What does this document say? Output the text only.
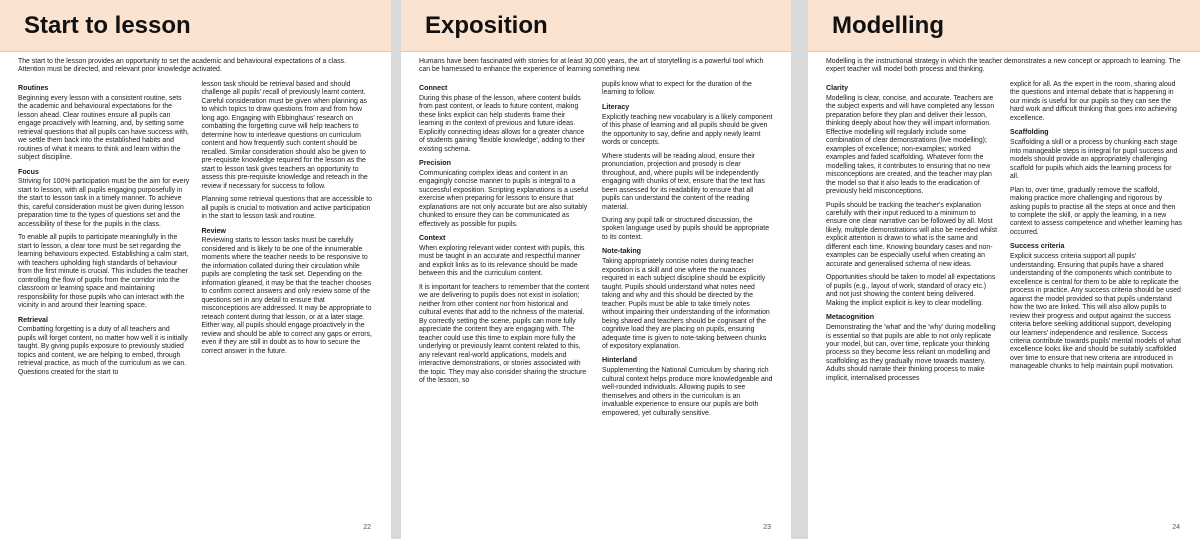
Start to lesson

The start to the lesson provides an opportunity to set the academic and behavioural expectations of a class. Attention must be directed, and relevant prior knowledge activated.

Routines

Beginning every lesson with a consistent routine, sets the academic and behavioural expectations for the lesson ahead. Clear routines ensure all pupils can engage proactively with learning, and, by setting some retrieval questions that all pupils can have success with, we settle them back into the established habits and routines of what it means to think and learn within the subject discipline.

Focus

Striving for 100% participation must be the aim for every start to lesson, with all pupils engaging purposefully in the start to lesson task in a timely manner. To achieve this, careful consideration must be given during lesson preparation time to the types of questions set and the accessibility of these for the pupils in the class.

To enable all pupils to participate meaningfully in the start to lesson, a clear tone must be set regarding the learning behaviours expected. Establishing a calm start, with teachers upholding high standards of behaviour from the first minute is crucial. This includes the teacher controlling the flow of pupils from the corridor into the classroom or learning space and maintaining responsibility for those pupils who can interact with the vicinity in and around their learning space.

Retrieval

Combatting forgetting is a duty of all teachers and pupils will forget content, no matter how well it is initially taught. By giving pupils exposure to previously studied topics and content, we are helping to embed, through retrieval practice, as much of the curriculum as we can. Questions created for the start to

lesson task should be retrieval based and should challenge all pupils' recall of previously learnt content. Careful consideration must be given when planning as to which topics to draw questions from and from how long ago. Engaging with Ebbinghaus' research on combatting the forgetting curve will help teachers to determine how to interleave questions on curriculum content and how frequently such content should be recalled. Similar consideration should also be given to pre-requisite knowledge required for the lesson as the start to lesson task gives teachers an opportunity to assess this pre-requisite knowledge and reteach in the review if necessary for success to follow.

Planning some retrieval questions that are accessible to all pupils is crucial to motivation and active participation in the start to lesson task and routine.

Review

Reviewing starts to lesson tasks must be carefully considered and is likely to be one of the innumerable moments where the teacher needs to be responsive to the information collated during their circulation while pupils are completing the task set. Depending on the information gleaned, it may be that the teacher chooses to confirm correct answers and only review some of the questions set in any detail to ensure that misconceptions are addressed. It may be appropriate to reteach content during that lesson, or at a later stage. Either way, all pupils should engage proactively in the review and should be able to correct any gaps or errors, even if they are still in doubt as to how to secure the correct answer in the future.

22
Exposition

Humans have been fascinated with stories for at least 30,000 years, the art of storytelling is a powerful tool which can be harnessed to enhance the experience of learning something new.

Connect

During this phase of the lesson, where content builds from past content, or leads to future content, making these links explicit can help students frame their learning in the context of previous and future ideas. Explicitly connecting ideas allows for a greater chance of students gaining 'flexible knowledge', adding to their existing schema.

Precision

Communicating complex ideas and content in an engagingly concise manner to pupils is integral to a successful exposition. Scripting explanations is a useful exercise when preparing for lessons to ensure that explanations are not only accurate but are also suitably chunked to ensure they can be communicated as effectively as possible for pupils.

Context

When exploring relevant wider context with pupils, this must be taught in an accurate and respectful manner and explicit links as to its relevance should be made between this and the curriculum content.

It is important for teachers to remember that the content we are delivering to pupils does not exist in isolation; neither from other content nor from historical and cultural events that add to the richness of the material. By correctly setting the scene, pupils can more fully appreciate the content they are engaging with. The teacher could use this time to explain more fully the underlying or previously learnt content related to this, any relevant real-world applications, models and interactive demonstrations, or stories associated with the topic. They may also consider sharing the structure of the lesson, so

pupils know what to expect for the duration of the learning to follow.

Literacy

Explicitly teaching new vocabulary is a likely component of this phase of learning and all pupils should be given the opportunity to say, define and apply newly learnt words or concepts.

Where students will be reading aloud, ensure their pronunciation, projection and prosody is clear throughout, and, where pupils will be independently engaging with chunks of text, ensure that the text has been assessed for its readability to ensure that all pupils can understand the content of the reading material.

During any pupil talk or structured discussion, the spoken language used by pupils should be appropriate to its context.

Note-taking

Taking appropriately concise notes during teacher exposition is a skill and one where the nuances required in each subject discipline should be explicitly taught. Pupils should understand what notes need taking and why and this should be directed by the teacher. Pupils must be able to take timely notes without impairing their understanding of the information being shared and teachers should be cognisant of the cognitive load they are placing on pupils, ensuring adequate time is given to note-taking between chunks of expository explanation.

Hinterland

Supplementing the National Curriculum by sharing rich cultural context helps produce more knowledgeable and well-rounded individuals. Allowing pupils to see themselves and others in the curriculum is an invaluable experience to ensure our pupils are both empowered, yet culturally sensitive.

23
Modelling

Modelling is the instructional strategy in which the teacher demonstrates a new concept or approach to learning. The expert teacher will model both process and thinking.

Clarity

Modelling is clear, concise, and accurate. Teachers are the subject experts and will have completed any lesson preparation before they plan and deliver their lesson, thinking deeply about how they will impart information. Effective modelling will regularly include some combination of clear demonstrations (live modelling); examples of excellence; non-examples; worked examples and faded scaffolding. Whatever form the modelling takes, it contributes to ensuring that no new misconceptions are created, and the teacher may plan the model so that it also leads to the eradication of previously held misconceptions.

Pupils should be tracking the teacher's explanation carefully with their input reduced to a minimum to ensure one clear narrative can be followed by all. Most likely, multiple demonstrations will also be needed whilst explicit attention is drawn to what is the same and different each time. Knowing boundary cases and non-examples can be especially useful when creating an accurate and generalised schema of new ideas.

Opportunities should be taken to model all expectations of pupils (e.g., layout of work, standard of oracy etc.) and not just showing the content being delivered. Making the implicit explicit is key to clear modelling.

Metacognition

Demonstrating the 'what' and the 'why' during modelling is essential so that pupils are able to not only replicate your model, but can, over time, replicate your thinking process so they become less reliant on modelling and scaffolding as they gradually move towards mastery. Adults should narrate their thinking process to make implicit, internalised processes

explicit for all. As the expert in the room, sharing aloud the questions and internal debate that is happening in our minds is useful for our pupils so they can see the hard work and difficult thinking that goes into achieving excellence.

Scaffolding

Scaffolding a skill or a process by chunking each stage into manageable steps is integral for pupil success and models should provide an appropriately challenging scaffold for pupils which aids the learning process for all.

Plan to, over time, gradually remove the scaffold, making practice more challenging and rigorous by asking pupils to practise all the steps at once and then to complete the skill, or apply the learning, in a new context to assess competence and whether learning has occurred.

Success criteria

Explicit success criteria support all pupils' understanding. Ensuring that pupils have a shared understanding of the components which contribute to excellence is central for them to be able to replicate the process in practice. Any success criteria should be used against the model provided so that pupils understand how the two are linked. This will also allow pupils to review their progress and output against the success criteria before seeking additional support, developing our learners' independence and resilience. Success criteria contribute towards pupils' mental models of what excellence looks like and should be suitably scaffolded over time to ensure that new criteria are introduced in manageable chunks to help maintain pupil motivation.

24
